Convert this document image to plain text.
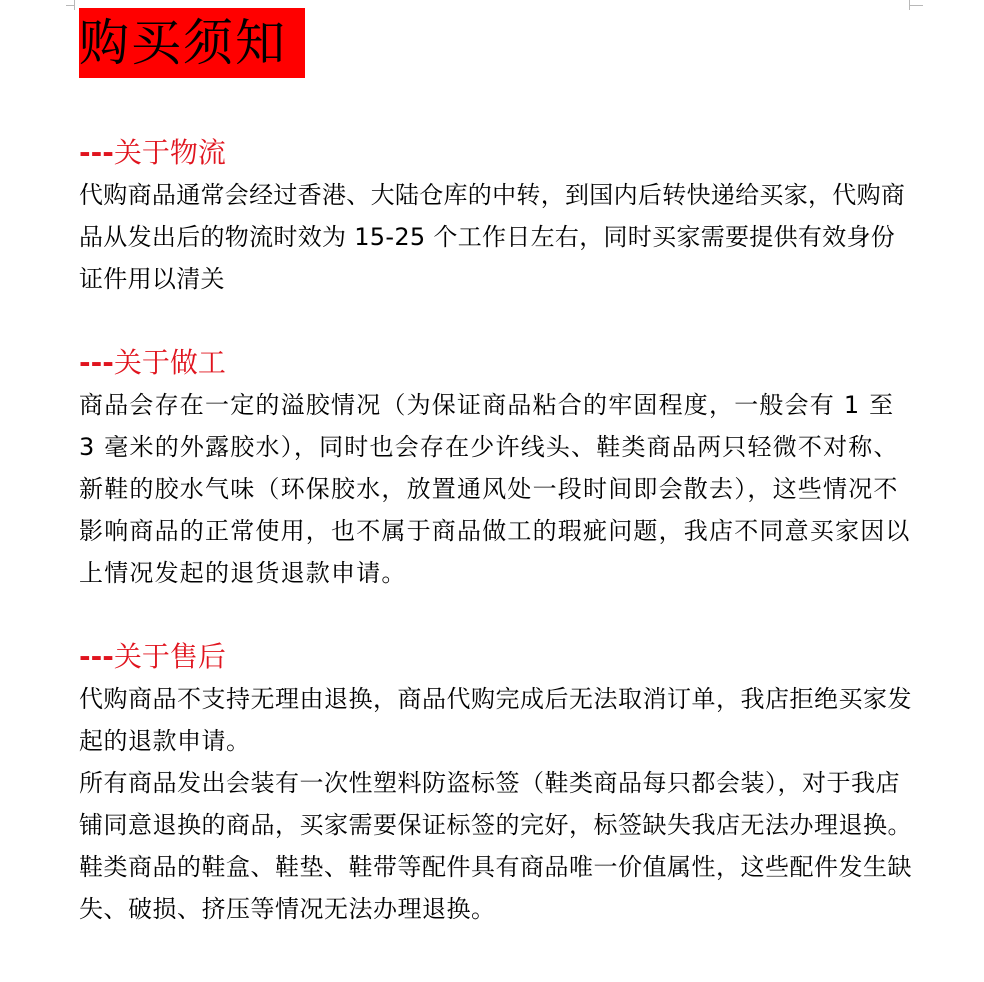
购买须知
---关于物流

代购商品通常会经过香港、大陆仓库的中转，到国内后转快递给买家，代购商品从发出后的物流时效为 15-25 个工作日左右，同时买家需要提供有效身份证件用以清关

---关于做工

商品会存在一定的溢胶情况（为保证商品粘合的牢固程度，一般会有 1 至 3 毫米的外露胶水），同时也会存在少许线头、鞋类商品两只轻微不对称、新鞋的胶水气味（环保胶水，放置通风处一段时间即会散去），这些情况不影响商品的正常使用，也不属于商品做工的瑕疵问题，我店不同意买家因以上情况发起的退货退款申请。

---关于售后

代购商品不支持无理由退换，商品代购完成后无法取消订单，我店拒绝买家发起的退款申请。

所有商品发出会装有一次性塑料防盗标签（鞋类商品每只都会装），对于我店铺同意退换的商品，买家需要保证标签的完好，标签缺失我店无法办理退换。鞋类商品的鞋盒、鞋垫、鞋带等配件具有商品唯一价值属性，这些配件发生缺失、破损、挤压等情况无法办理退换。
